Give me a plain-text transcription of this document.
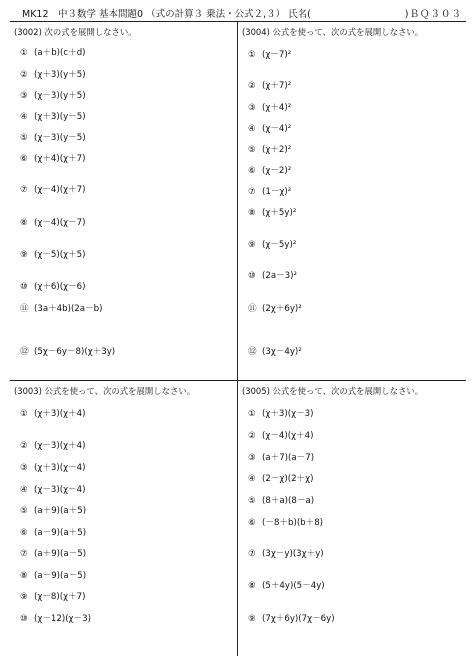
MK12　中３数学 基本問題0 （式の計算３ 乗法・公式２,３） 氏名(	)ＢＱ３０３
(3002) 次の式を展開しなさい。
① (a＋b)(c＋d)
② (χ＋3)(y＋5)
③ (χ－3)(y＋5)
④ (χ＋3)(y－5)
⑤ (χ－3)(y－5)
⑥ (χ＋4)(χ＋7)
⑦ (χ－4)(χ＋7)
⑧ (χ－4)(χ－7)
⑨ (χ－5)(χ＋5)
⑩ (χ＋6)(χ－6)
⑪ (3a＋4b)(2a－b)
⑫ (5χ－6y－8)(χ＋3y)
(3004) 公式を使って、次の式を展開しなさい。
① (χ－7)²
② (χ＋7)²
③ (χ＋4)²
④ (χ－4)²
⑤ (χ＋2)²
⑥ (χ－2)²
⑦ (1－χ)²
⑧ (χ＋5y)²
⑨ (χ－5y)²
⑩ (2a－3)²
⑪ (2χ＋6y)²
⑫ (3χ－4y)²
(3003) 公式を使って、次の式を展開しなさい。
① (χ＋3)(χ＋4)
② (χ－3)(χ＋4)
③ (χ＋3)(χ－4)
④ (χ－3)(χ－4)
⑤ (a＋9)(a＋5)
⑥ (a－9)(a＋5)
⑦ (a＋9)(a－5)
⑧ (a－9)(a－5)
⑨ (χ－8)(χ＋7)
⑩ (χ－12)(χ－3)
(3005) 公式を使って、次の式を展開しなさい。
① (χ＋3)(χ－3)
② (χ－4)(χ＋4)
③ (a＋7)(a－7)
④ (2－χ)(2＋χ)
⑤ (8＋a)(8－a)
⑥ (－8＋b)(b＋8)
⑦ (3χ－y)(3χ＋y)
⑧ (5＋4y)(5－4y)
⑨ (7χ＋6y)(7χ－6y)
